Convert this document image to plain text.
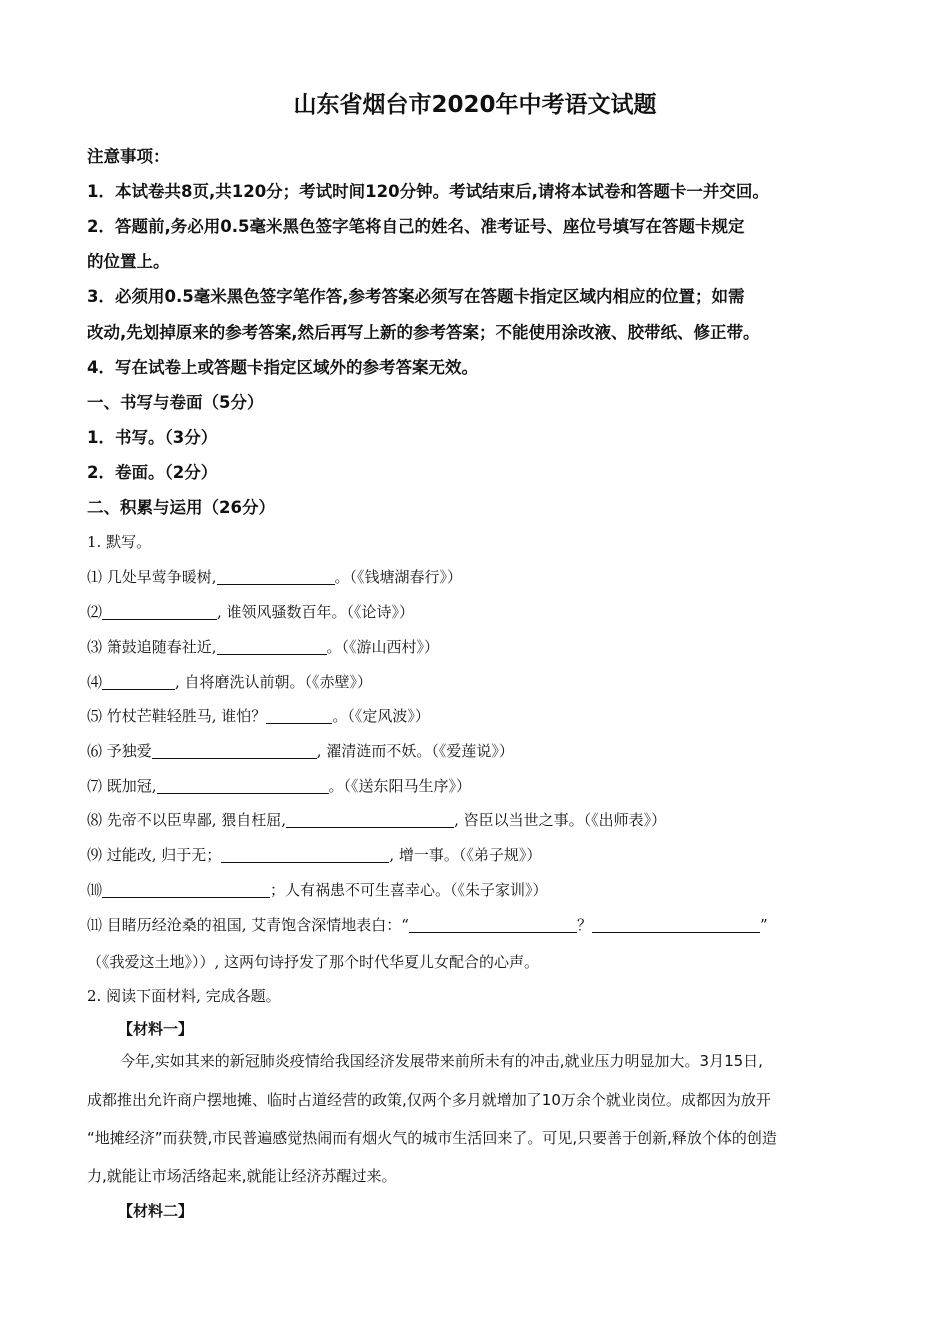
山东省烟台市2020年中考语文试题
注意事项：
1．本试卷共8页,共120分；考试时间120分钟。考试结束后,请将本试卷和答题卡一并交回。
2．答题前,务必用0.5毫米黑色签字笔将自己的姓名、准考证号、座位号填写在答题卡规定
的位置上。
3．必须用0.5毫米黑色签字笔作答,参考答案必须写在答题卡指定区域内相应的位置；如需
改动,先划掉原来的参考答案,然后再写上新的参考答案；不能使用涂改液、胶带纸、修正带。
4．写在试卷上或答题卡指定区域外的参考答案无效。
一、书写与卷面（5分）
1．书写。（3分）
2．卷面。（2分）
二、积累与运用（26分）
1. 默写。
⑴ 几处早莺争暖树,	。（《钱塘湖春行》）
⑵	, 谁领风骚数百年。（《论诗》）
⑶ 箫鼓追随春社近,	。（《游山西村》）
⑷	, 自将磨洗认前朝。（《赤壁》）
⑸ 竹杖芒鞋轻胜马, 谁怕？	。（《定风波》）
⑹ 予独爱	, 濯清涟而不妖。（《爱莲说》）
⑺ 既加冠,	。（《送东阳马生序》）
⑻ 先帝不以臣卑鄙, 猥自枉屈,	, 咨臣以当世之事。（《出师表》）
⑼ 过能改, 归于无；	, 增一事。（《弟子规》）
⑽	；人有祸患不可生喜幸心。（《朱子家训》）
⑾ 目睹历经沧桑的祖国, 艾青饱含深情地表白：“	？	”
（《我爱这土地》））, 这两句诗抒发了那个时代华夏儿女配合的心声。
2. 阅读下面材料, 完成各题。
【材料一】
今年,实如其来的新冠肺炎疫情给我国经济发展带来前所未有的冲击,就业压力明显加大。3月15日,
成都推出允许商户摆地摊、临时占道经营的政策,仅两个多月就增加了10万余个就业岗位。成都因为放开
“地摊经济”而获赞,市民普遍感觉热闹而有烟火气的城市生活回来了。可见,只要善于创新,释放个体的创造
力,就能让市场活络起来,就能让经济苏醒过来。
【材料二】
